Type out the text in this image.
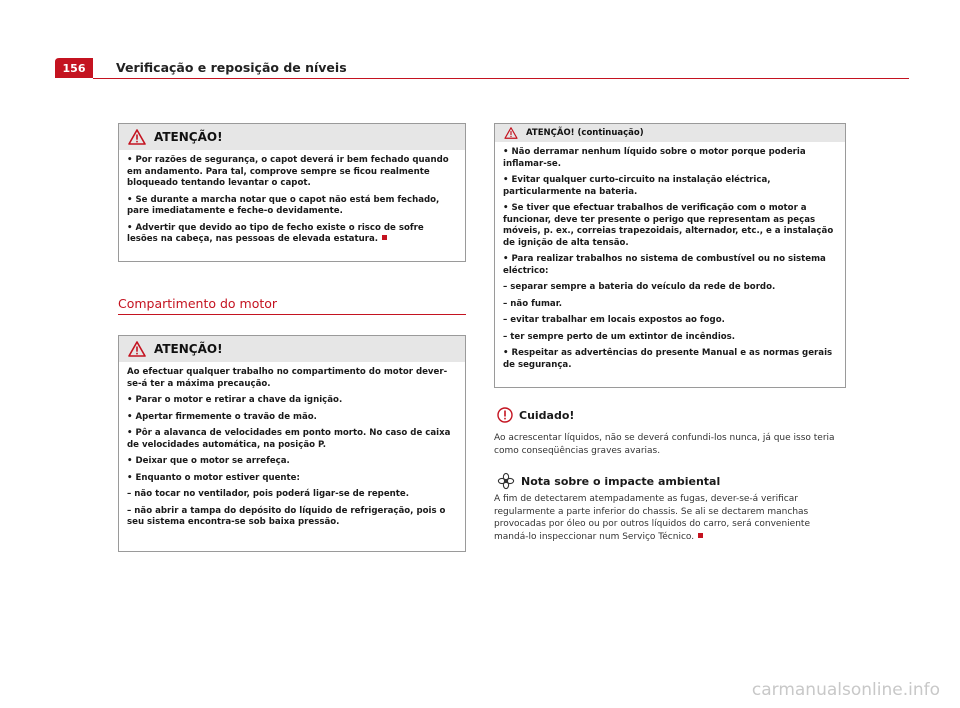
156	Verificação e reposição de níveis
ATENÇÃO!

• Por razões de segurança, o capot deverá ir bem fechado quando em andamento. Para tal, comprove sempre se ficou realmente bloqueado tentando levantar o capot.

• Se durante a marcha notar que o capot não está bem fechado, pare imediatamente e feche-o devidamente.

• Advertir que devido ao tipo de fecho existe o risco de sofre lesões na cabeça, nas pessoas de elevada estatura.

Compartimento do motor
ATENÇÃO!

Ao efectuar qualquer trabalho no compartimento do motor dever-se-á ter a máxima precaução.

• Parar o motor e retirar a chave da ignição.

• Apertar firmemente o travão de mão.

• Pôr a alavanca de velocidades em ponto morto. No caso de caixa de velocidades automática, na posição P.

• Deixar que o motor se arrefeça.

• Enquanto o motor estiver quente:

– não tocar no ventilador, pois poderá ligar-se de repente.

– não abrir a tampa do depósito do líquido de refrigeração, pois o seu sistema encontra-se sob baixa pressão.

ATENÇÃO! (continuação)

• Não derramar nenhum líquido sobre o motor porque poderia inflamar-se.

• Evitar qualquer curto-circuito na instalação eléctrica, particularmente na bateria.

• Se tiver que efectuar trabalhos de verificação com o motor a funcionar, deve ter presente o perigo que representam as peças móveis, p. ex., correias trapezoidais, alternador, etc., e a instalação de ignição de alta tensão.

• Para realizar trabalhos no sistema de combustível ou no sistema eléctrico:

– separar sempre a bateria do veículo da rede de bordo.

– não fumar.

– evitar trabalhar em locais expostos ao fogo.

– ter sempre perto de um extintor de incêndios.

• Respeitar as advertências do presente Manual e as normas gerais de segurança.

Cuidado!

Ao acrescentar líquidos, não se deverá confundi-los nunca, já que isso teria como conseqüências graves avarias.

Nota sobre o impacte ambiental

A fim de detectarem atempadamente as fugas, dever-se-á verificar regularmente a parte inferior do chassis. Se ali se dectarem manchas provocadas por óleo ou por outros líquidos do carro, será conveniente mandá-lo inspeccionar num Serviço Técnico.

carmanualsonline.info
